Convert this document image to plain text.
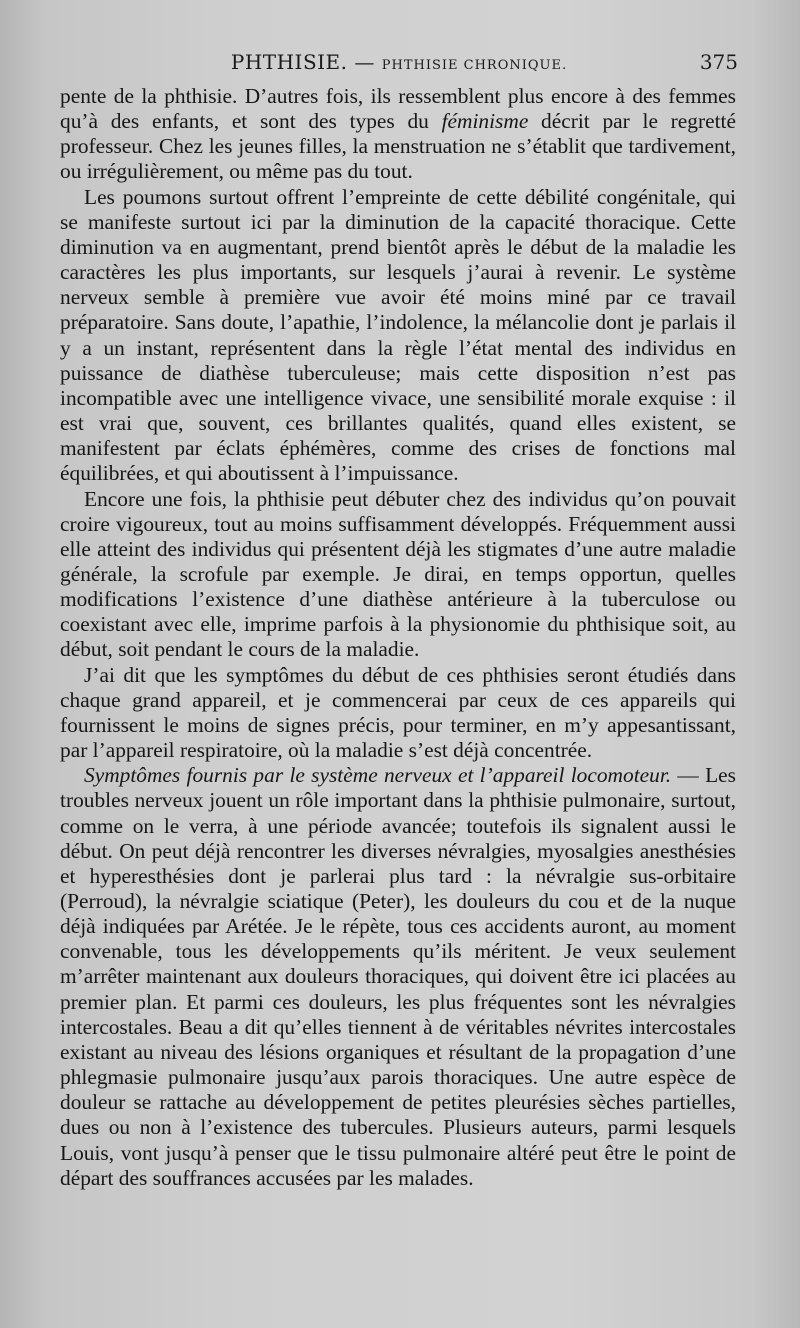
PHTHISIE. — PHTHISIE CHRONIQUE.	375

pente de la phthisie. D’autres fois, ils ressemblent plus encore à des femmes qu’à des enfants, et sont des types du féminisme décrit par le regretté professeur. Chez les jeunes filles, la menstruation ne s’établit que tardivement, ou irrégulièrement, ou même pas du tout.

Les poumons surtout offrent l’empreinte de cette débilité congénitale, qui se manifeste surtout ici par la diminution de la capacité thoracique. Cette diminution va en augmentant, prend bientôt après le début de la maladie les caractères les plus importants, sur lesquels j’aurai à revenir. Le système nerveux semble à première vue avoir été moins miné par ce travail préparatoire. Sans doute, l’apathie, l’indolence, la mélancolie dont je parlais il y a un instant, représentent dans la règle l’état mental des individus en puissance de diathèse tuberculeuse; mais cette disposition n’est pas incompatible avec une intelligence vivace, une sensibilité morale exquise : il est vrai que, souvent, ces brillantes qualités, quand elles existent, se manifestent par éclats éphémères, comme des crises de fonctions mal équilibrées, et qui aboutissent à l’impuissance.

Encore une fois, la phthisie peut débuter chez des individus qu’on pouvait croire vigoureux, tout au moins suffisamment développés. Fréquemment aussi elle atteint des individus qui présentent déjà les stigmates d’une autre maladie générale, la scrofule par exemple. Je dirai, en temps opportun, quelles modifications l’existence d’une diathèse antérieure à la tuberculose ou coexistant avec elle, imprime parfois à la physionomie du phthisique soit, au début, soit pendant le cours de la maladie.

J’ai dit que les symptômes du début de ces phthisies seront étudiés dans chaque grand appareil, et je commencerai par ceux de ces appareils qui fournissent le moins de signes précis, pour terminer, en m’y appesantissant, par l’appareil respiratoire, où la maladie s’est déjà concentrée.

Symptômes fournis par le système nerveux et l’appareil locomoteur. — Les troubles nerveux jouent un rôle important dans la phthisie pulmonaire, surtout, comme on le verra, à une période avancée; toutefois ils signalent aussi le début. On peut déjà rencontrer les diverses névralgies, myosalgies anesthésies et hyperesthésies dont je parlerai plus tard : la névralgie sus-orbitaire (Perroud), la névralgie sciatique (Peter), les douleurs du cou et de la nuque déjà indiquées par Arétée. Je le répète, tous ces accidents auront, au moment convenable, tous les développements qu’ils méritent. Je veux seulement m’arrêter maintenant aux douleurs thoraciques, qui doivent être ici placées au premier plan. Et parmi ces douleurs, les plus fréquentes sont les névralgies intercostales. Beau a dit qu’elles tiennent à de véritables névrites intercostales existant au niveau des lésions organiques et résultant de la propagation d’une phlegmasie pulmonaire jusqu’aux parois thoraciques. Une autre espèce de douleur se rattache au développement de petites pleurésies sèches partielles, dues ou non à l’existence des tubercules. Plusieurs auteurs, parmi lesquels Louis, vont jusqu’à penser que le tissu pulmonaire altéré peut être le point de départ des souffrances accusées par les malades.
